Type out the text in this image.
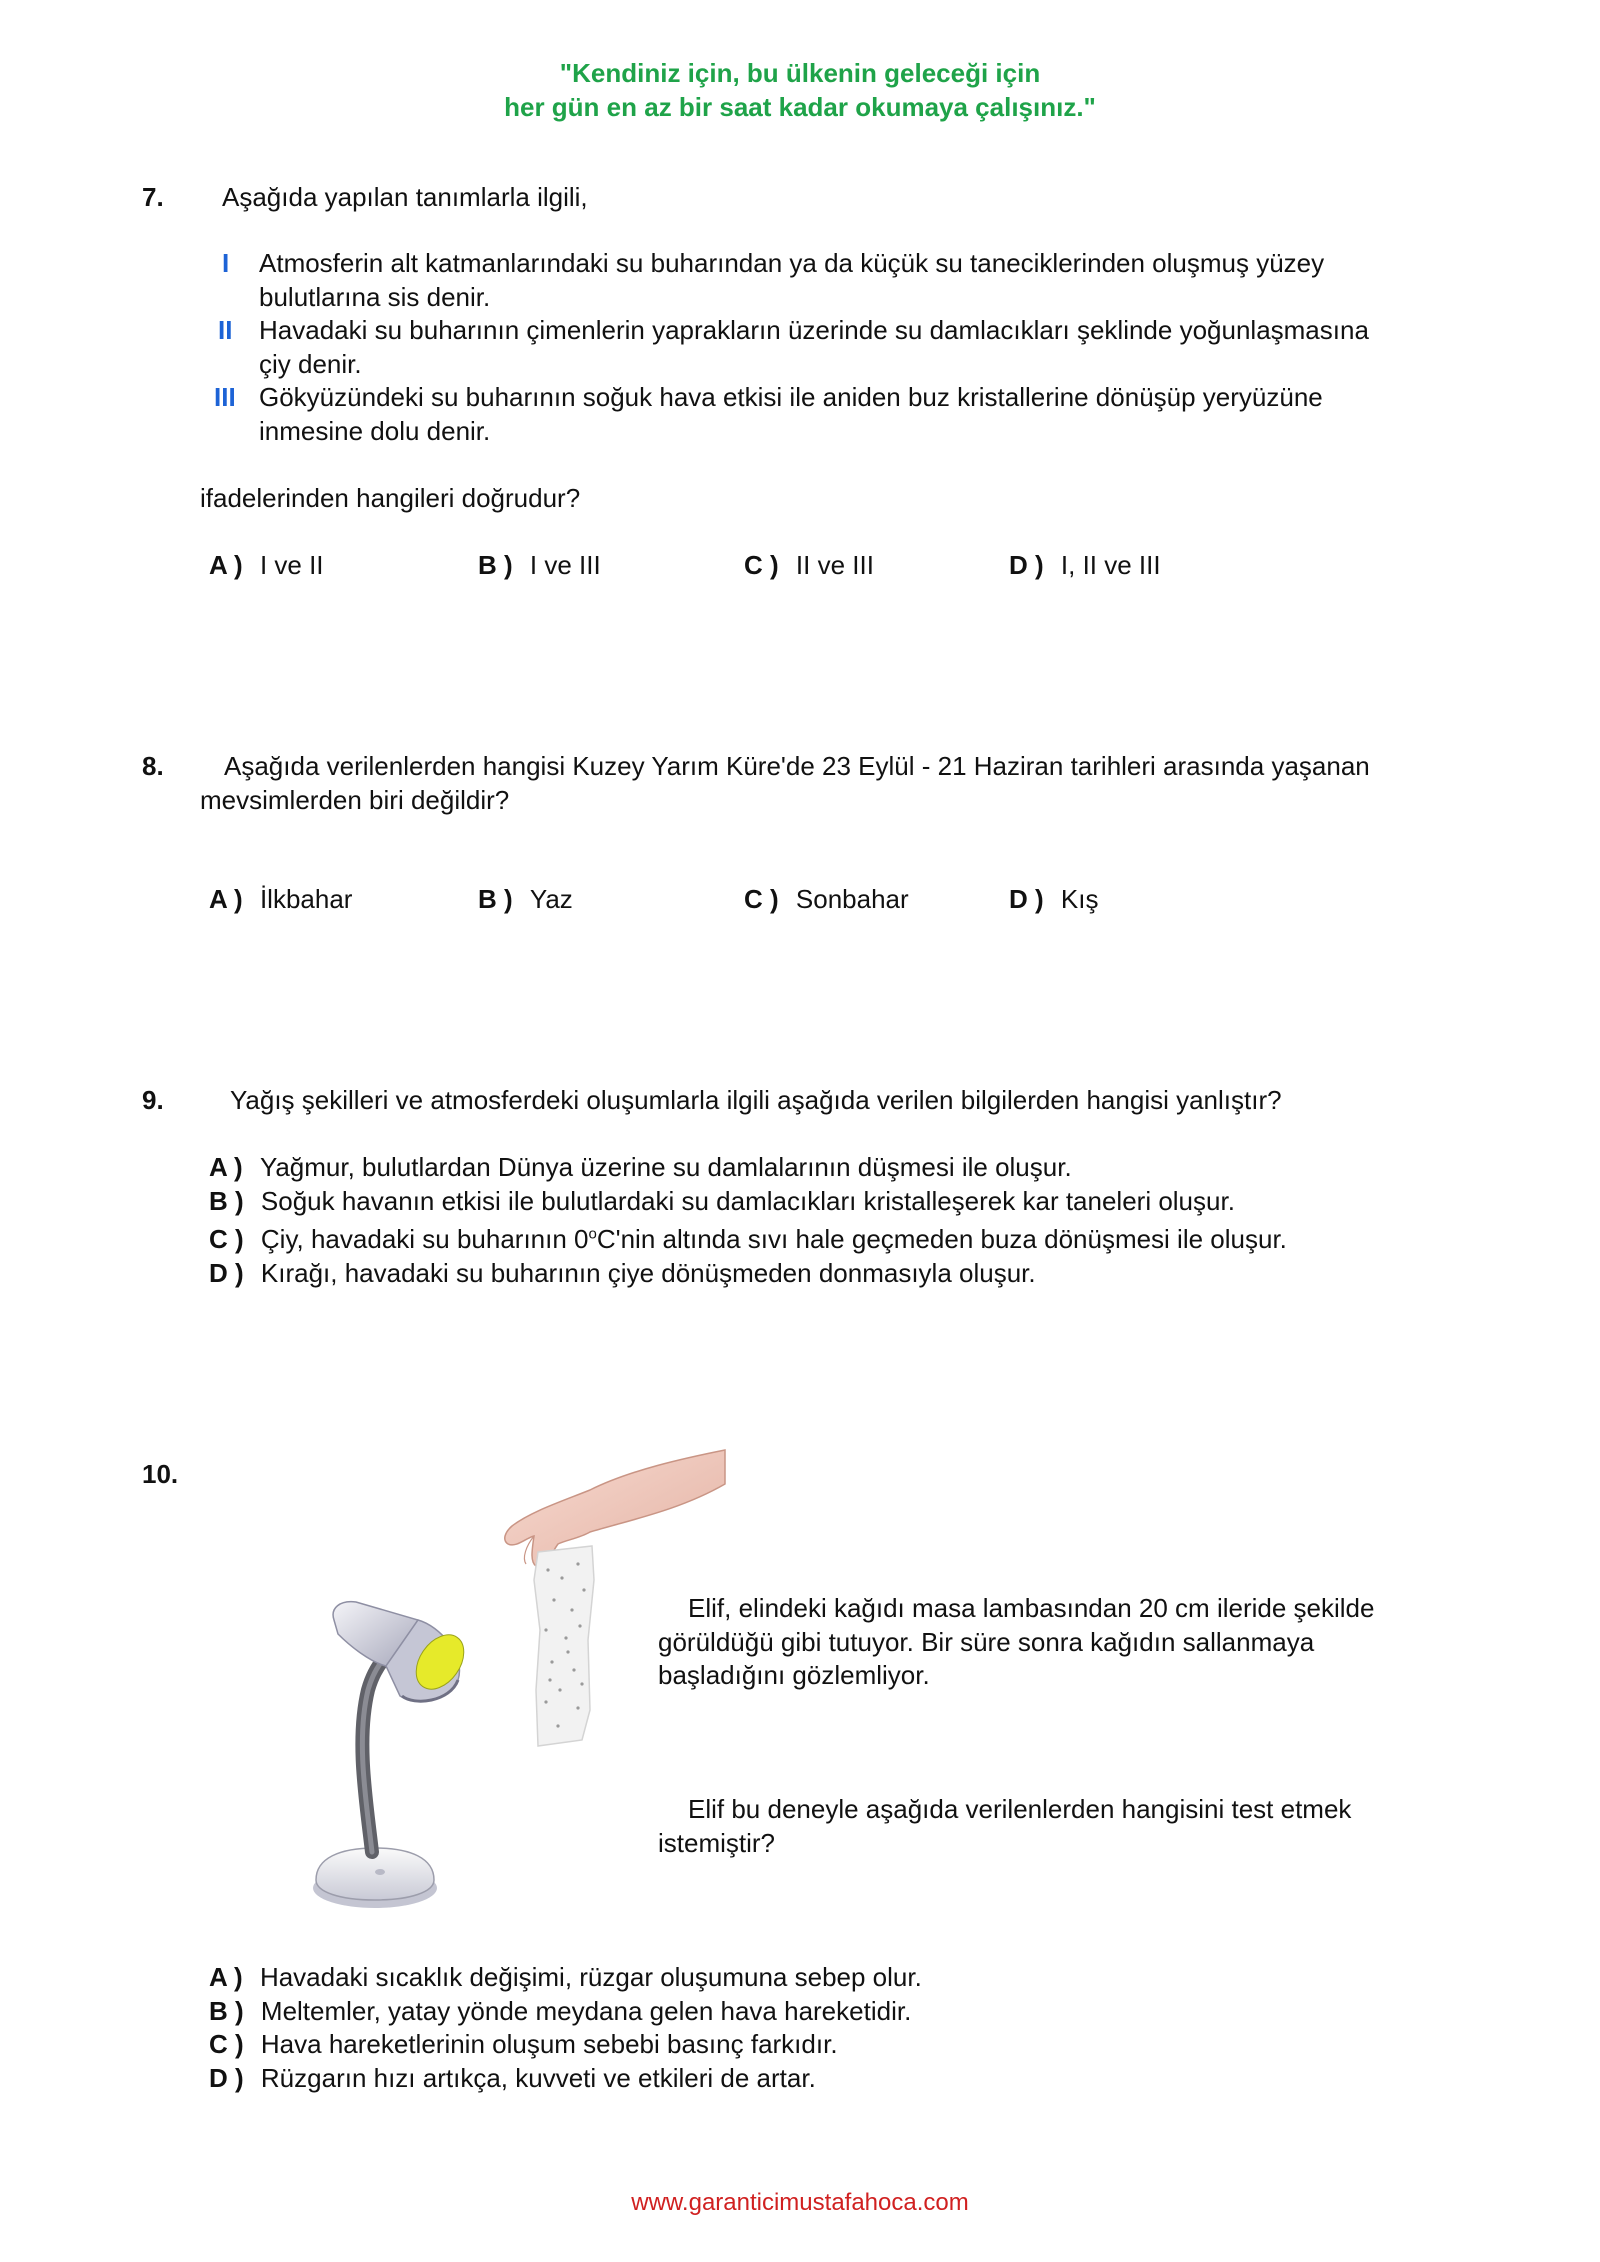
"Kendiniz için, bu ülkenin geleceği için
her gün en az bir saat kadar okumaya çalışınız."
7. Aşağıda yapılan tanımlarla ilgili,
I Atmosferin alt katmanlarındaki su buharından ya da küçük su taneciklerinden oluşmuş yüzey
bulutlarına sis denir.
II Havadaki su buharının çimenlerin yaprakların üzerinde su damlacıkları şeklinde yoğunlaşmasına
çiy denir.
III Gökyüzündeki su buharının soğuk hava etkisi ile aniden buz kristallerine dönüşüp yeryüzüne
inmesine dolu denir.
ifadelerinden hangileri doğrudur?
A ) I ve II	B ) I ve III	C ) II ve III	D ) I, II ve III
8. Aşağıda verilenlerden hangisi Kuzey Yarım Küre'de 23 Eylül - 21 Haziran tarihleri arasında yaşanan
mevsimlerden biri değildir?
A ) İlkbahar	B ) Yaz	C ) Sonbahar	D ) Kış
9.	Yağış şekilleri ve atmosferdeki oluşumlarla ilgili aşağıda verilen bilgilerden hangisi yanlıştır?
A ) Yağmur, bulutlardan Dünya üzerine su damlalarının düşmesi ile oluşur.
B ) Soğuk havanın etkisi ile bulutlardaki su damlacıkları kristalleşerek kar taneleri oluşur.
C ) Çiy, havadaki su buharının 0$^o$C'nin altında sıvı hale geçmeden buza dönüşmesi ile oluşur.
D ) Kırağı, havadaki su buharının çiye dönüşmeden donmasıyla oluşur.
10.
Elif, elindeki kağıdı masa lambasından 20 cm ileride şekilde
görüldüğü gibi tutuyor. Bir süre sonra kağıdın sallanmaya
başladığını gözlemliyor.
Elif bu deneyle aşağıda verilenlerden hangisini test etmek
istemiştir?
A ) Havadaki sıcaklık değişimi, rüzgar oluşumuna sebep olur.
B ) Meltemler, yatay yönde meydana gelen hava hareketidir.
C ) Hava hareketlerinin oluşum sebebi basınç farkıdır.
D ) Rüzgarın hızı artıkça, kuvveti ve etkileri de artar.
www.garanticimustafahoca.com
